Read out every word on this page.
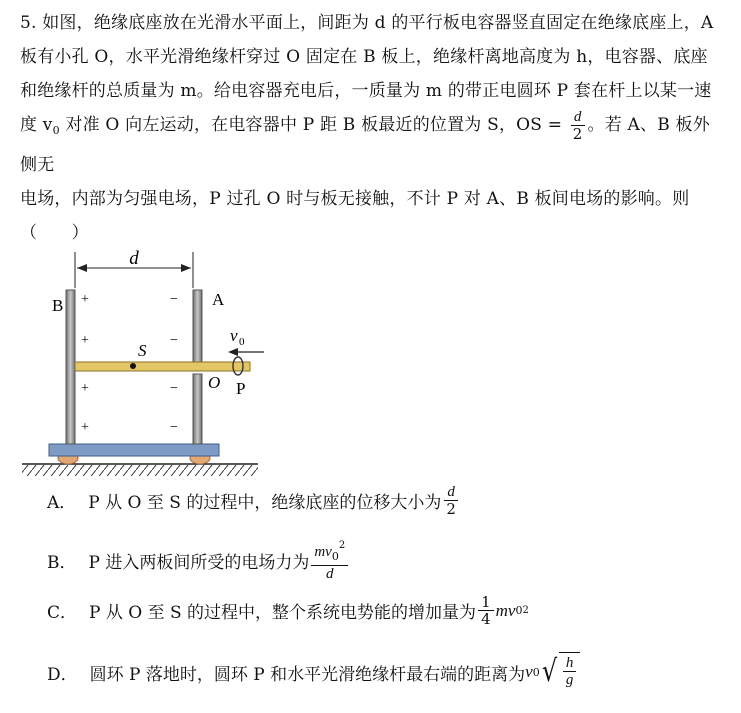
5. 如图，绝缘底座放在光滑水平面上，间距为 d 的平行板电容器竖直固定在绝缘底座上，A

板有小孔 O，水平光滑绝缘杆穿过 O 固定在 B 板上，绝缘杆离地高度为 h，电容器、底座

和绝缘杆的总质量为 m。给电容器充电后，一质量为 m 的带正电圆环 P 套在杆上以某一速

度 $v_0$ 对准 O 向左运动，在电容器中 P 距 B 板最近的位置为 S，OS = $\frac{d}{2}$ 。若 A、B 板外侧无

电场，内部为匀强电场，P 过孔 O 时与板无接触，不计 P 对 A、B 板间电场的影响。则（　　）

d
v 0
B	A
S
O P
+
+
+
+
−
−
−
−
A． P 从 O 至 S 的过程中，绝缘底座的位移大小为 $\frac{d}{2}$
B． P 进入两板间所受的电场力为 $\frac{mv_0^2}{d}$
C． P 从 O 至 S 的过程中，整个系统电势能的增加量为 $\frac{1}{4}$ mv 0 2
D． 圆环 P 落地时，圆环 P 和水平光滑绝缘杆最右端的距离为 v 0 √ $\frac{h}{g}$
